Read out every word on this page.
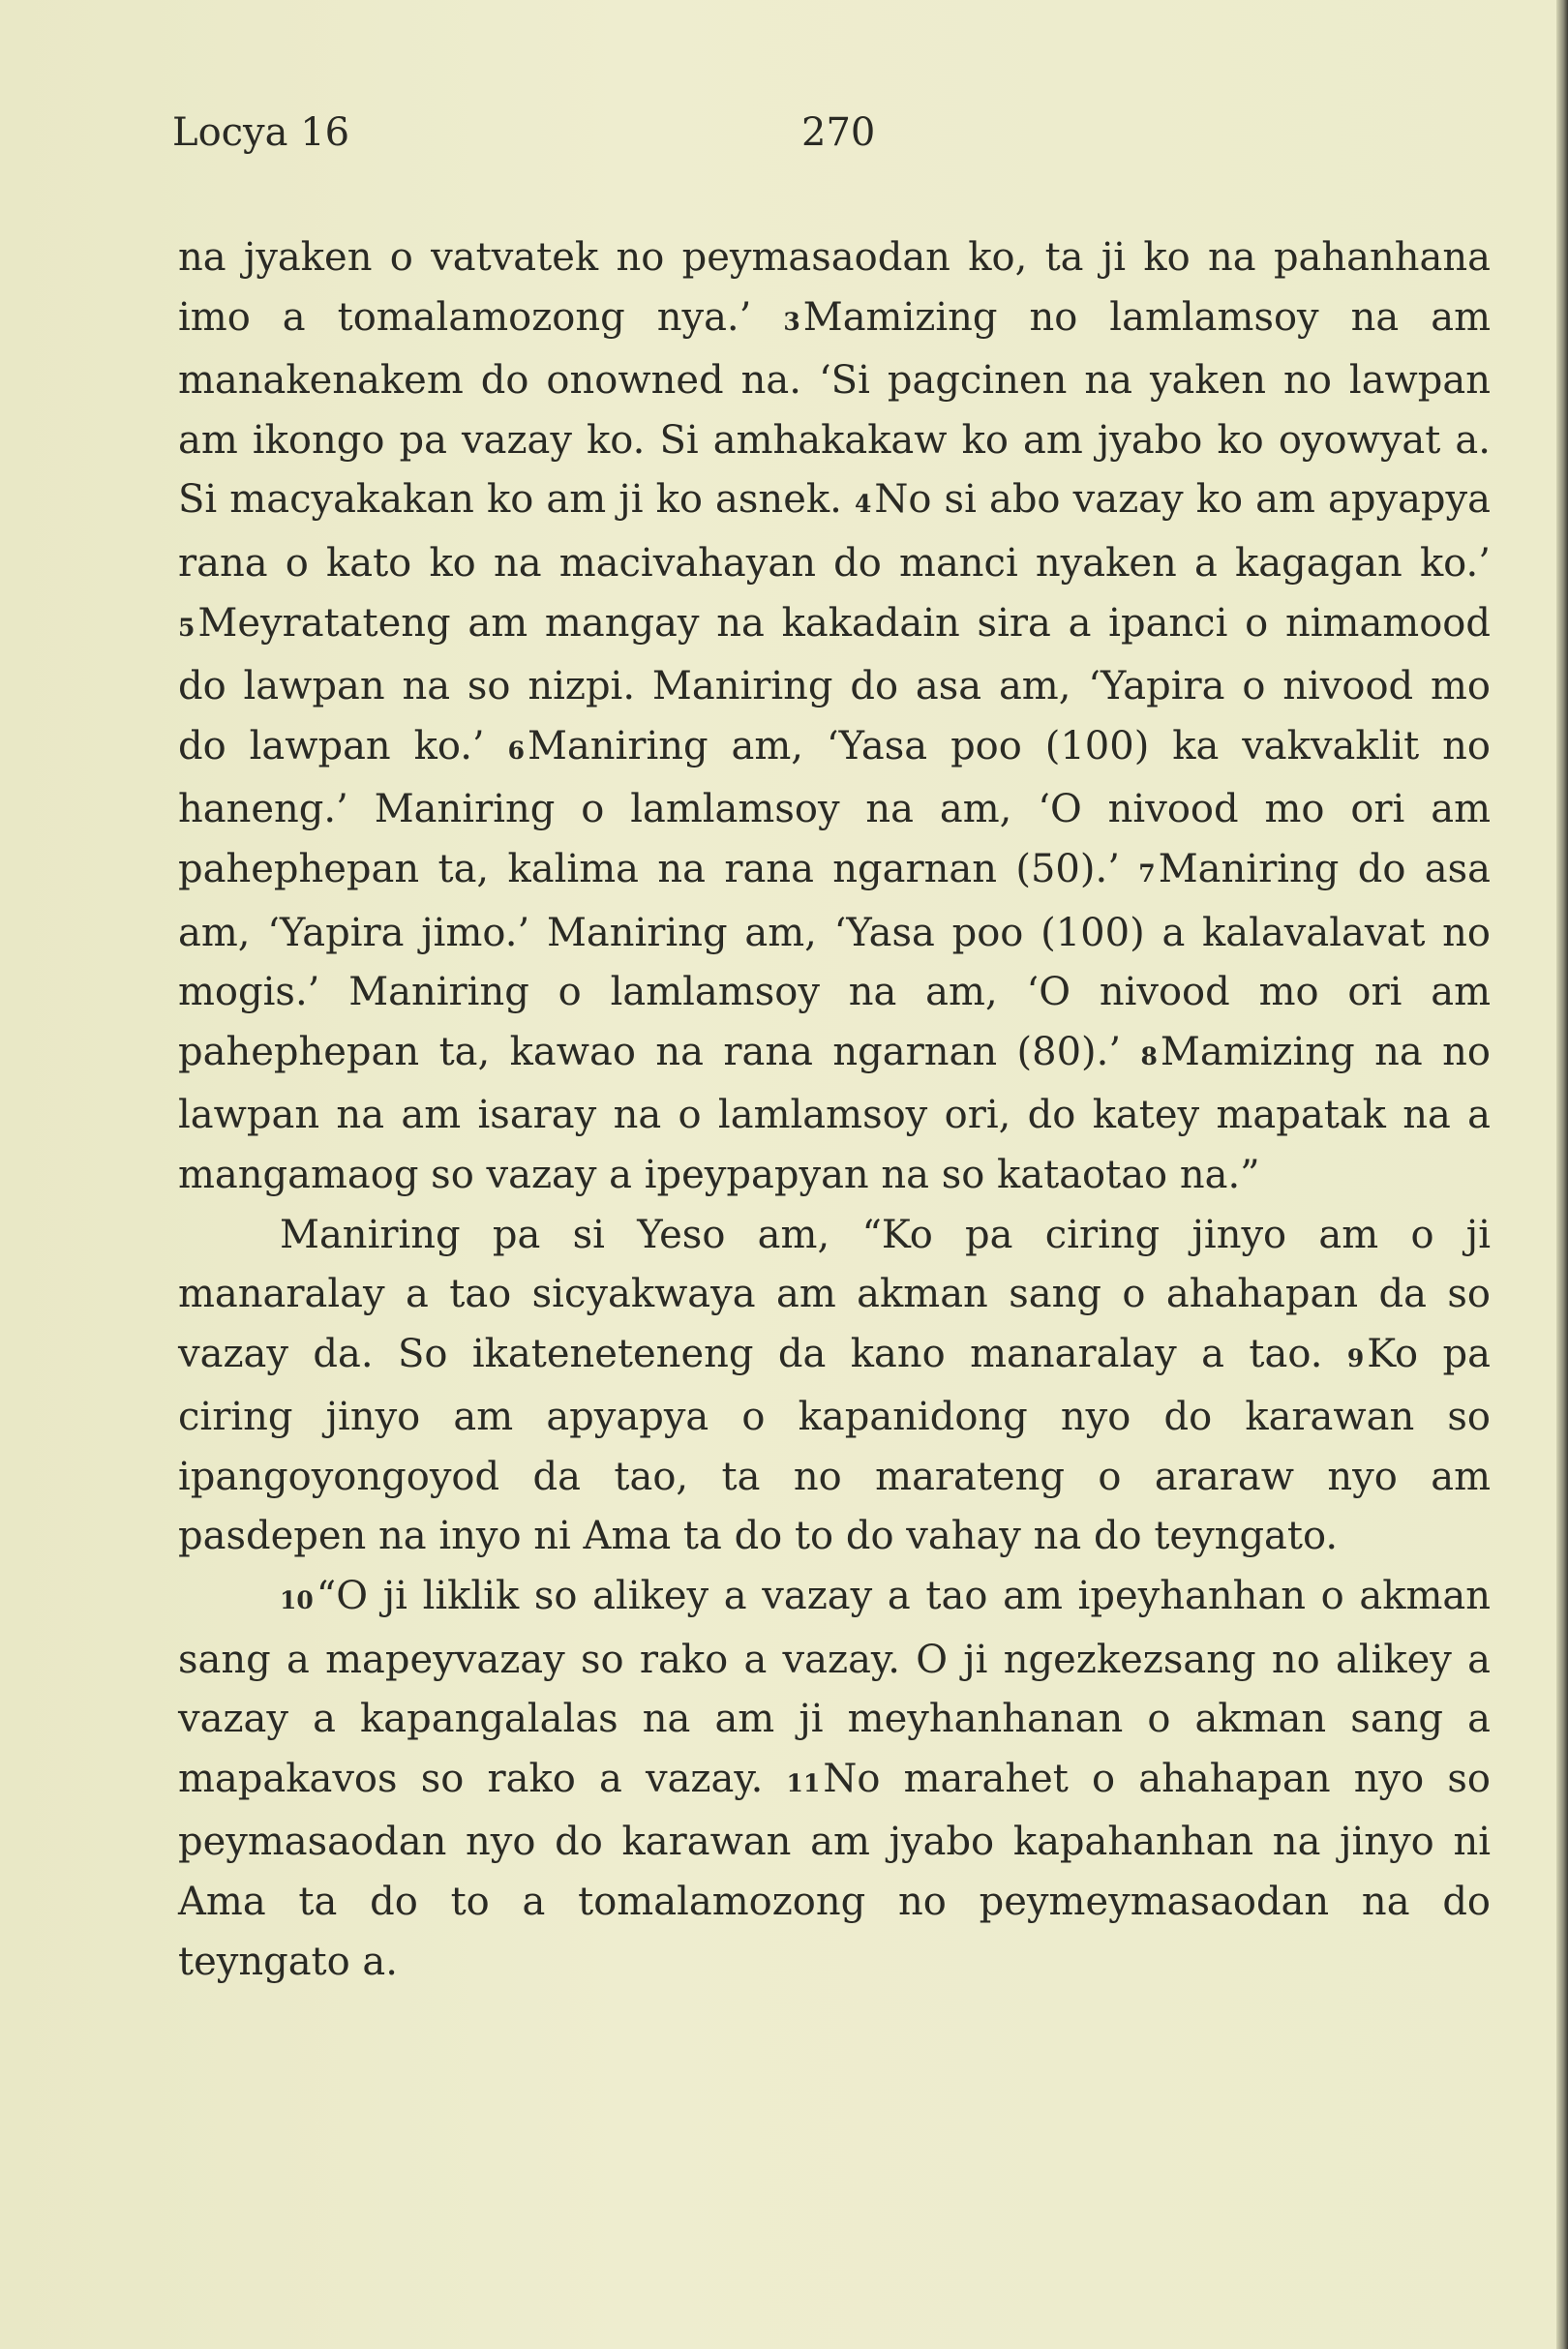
Locya 16	270

na jyaken o vatvatek no peymasaodan ko, ta ji ko na pahanhana imo a tomalamozong nya.’ 3Mamizing no lamlamsoy na am manakenakem do onowned na. ‘Si pagcinen na yaken no lawpan am ikongo pa vazay ko. Si amhakakaw ko am jyabo ko oyowyat a. Si macyakakan ko am ji ko asnek. 4No si abo vazay ko am apyapya rana o kato ko na macivahayan do manci nyaken a kagagan ko.’ 5Meyratateng am mangay na kakadain sira a ipanci o nimamood do lawpan na so nizpi. Maniring do asa am, ‘Yapira o nivood mo do lawpan ko.’ 6Maniring am, ‘Yasa poo (100) ka vakvaklit no haneng.’ Maniring o lamlamsoy na am, ‘O nivood mo ori am pahephepan ta, kalima na rana ngarnan (50).’ 7Maniring do asa am, ‘Yapira jimo.’ Maniring am, ‘Yasa poo (100) a kalavalavat no mogis.’ Maniring o lamlamsoy na am, ‘O nivood mo ori am pahephepan ta, kawao na rana ngarnan (80).’ 8Mamizing na no lawpan na am isaray na o lamlamsoy ori, do katey mapatak na a mangamaog so vazay a ipeypapyan na so kataotao na.”

Maniring pa si Yeso am, “Ko pa ciring jinyo am o ji manaralay a tao sicyakwaya am akman sang o ahahapan da so vazay da. So ikateneteneng da kano manaralay a tao. 9Ko pa ciring jinyo am apyapya o kapanidong nyo do karawan so ipangoyongoyod da tao, ta no marateng o araraw nyo am pasdepen na inyo ni Ama ta do to do vahay na do teyngato.

10“O ji liklik so alikey a vazay a tao am ipeyhanhan o akman sang a mapeyvazay so rako a vazay. O ji ngezkezsang no alikey a vazay a kapangalalas na am ji meyhanhanan o akman sang a mapakavos so rako a vazay. 11No marahet o ahahapan nyo so peymasaodan nyo do karawan am jyabo kapahanhan na jinyo ni Ama ta do to a tomalamozong no peymeymasaodan na do teyngato a.
